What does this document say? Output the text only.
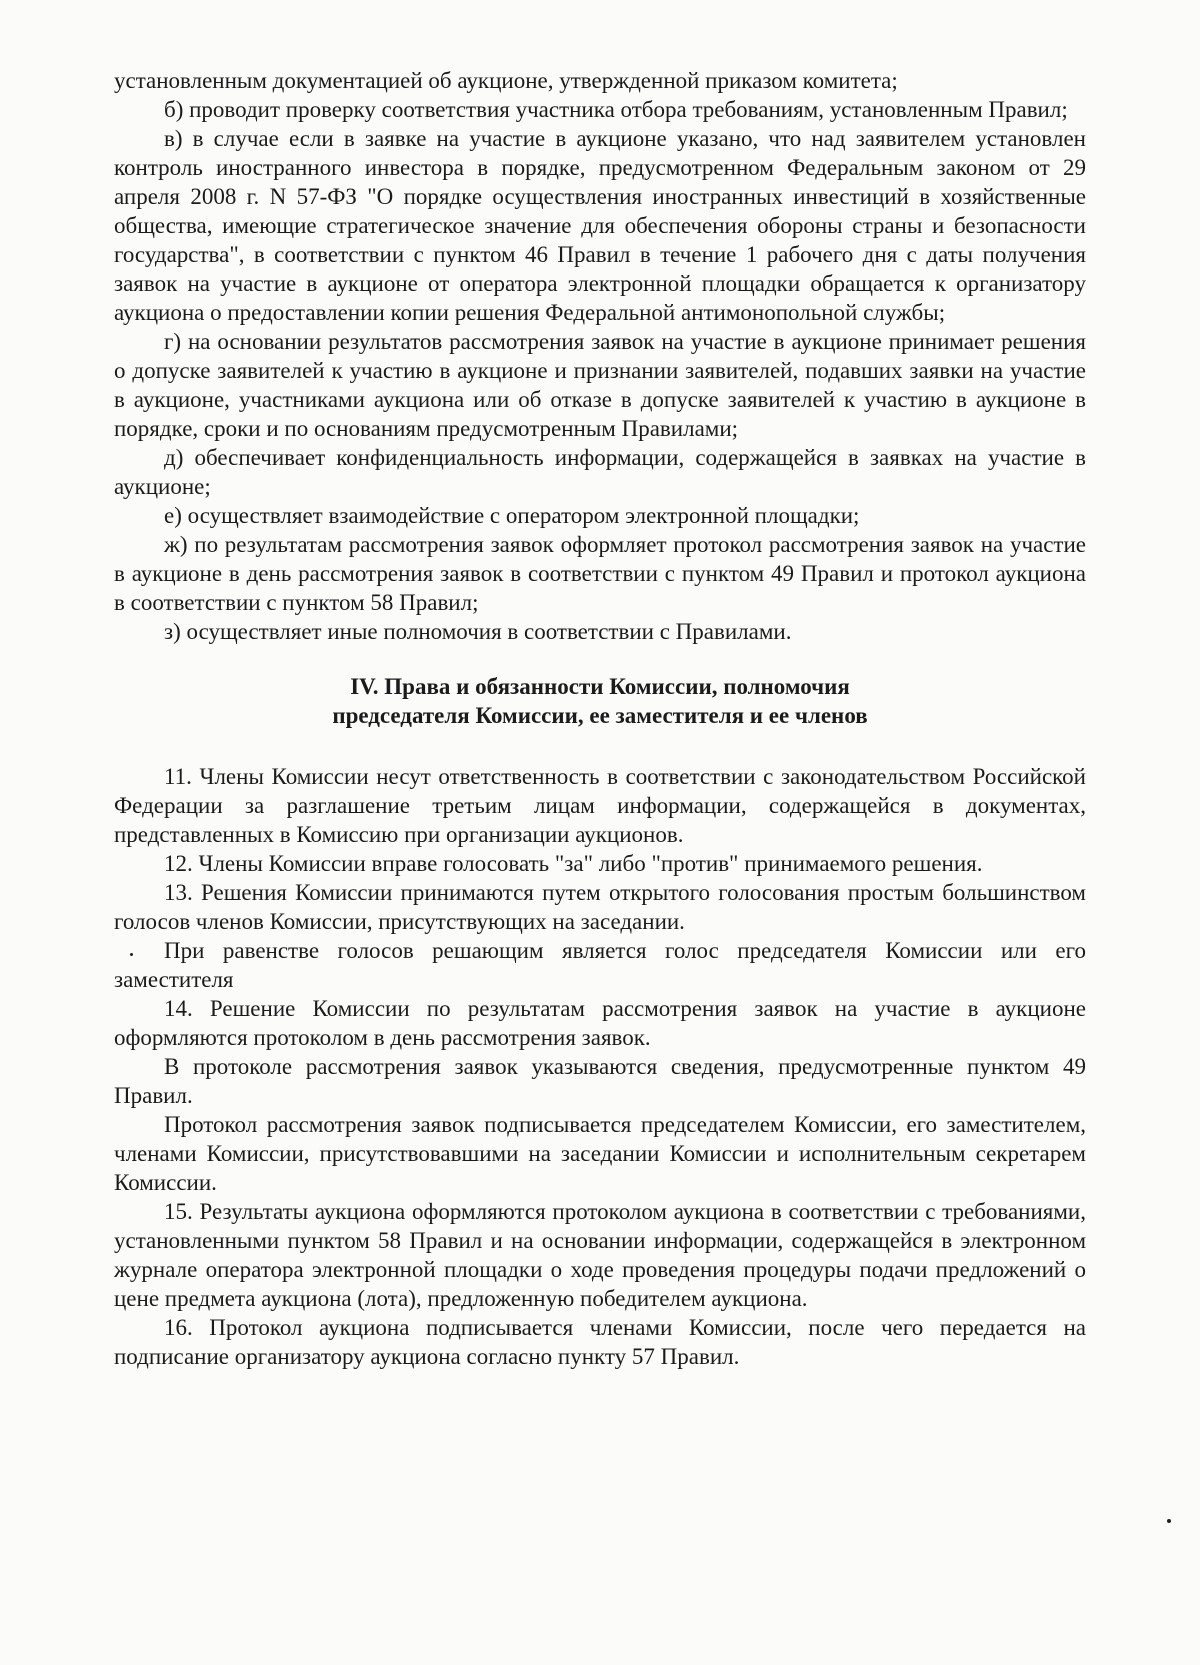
установленным документацией об аукционе, утвержденной приказом комитета;

б) проводит проверку соответствия участника отбора требованиям, установленным Правил;

в) в случае если в заявке на участие в аукционе указано, что над заявителем установлен контроль иностранного инвестора в порядке, предусмотренном Федеральным законом от 29 апреля 2008 г. N 57-ФЗ "О порядке осуществления иностранных инвестиций в хозяйственные общества, имеющие стратегическое значение для обеспечения обороны страны и безопасности государства", в соответствии с пунктом 46 Правил в течение 1 рабочего дня с даты получения заявок на участие в аукционе от оператора электронной площадки обращается к организатору аукциона о предоставлении копии решения Федеральной антимонопольной службы;

г) на основании результатов рассмотрения заявок на участие в аукционе принимает решения о допуске заявителей к участию в аукционе и признании заявителей, подавших заявки на участие в аукционе, участниками аукциона или об отказе в допуске заявителей к участию в аукционе в порядке, сроки и по основаниям предусмотренным Правилами;

д) обеспечивает конфиденциальность информации, содержащейся в заявках на участие в аукционе;

е) осуществляет взаимодействие с оператором электронной площадки;

ж) по результатам рассмотрения заявок оформляет протокол рассмотрения заявок на участие в аукционе в день рассмотрения заявок в соответствии с пунктом 49 Правил и протокол аукциона в соответствии с пунктом 58 Правил;

з) осуществляет иные полномочия в соответствии с Правилами.

IV. Права и обязанности Комиссии, полномочия
председателя Комиссии, ее заместителя и ее членов

11. Члены Комиссии несут ответственность в соответствии с законодательством Российской Федерации за разглашение третьим лицам информации, содержащейся в документах, представленных в Комиссию при организации аукционов.

12. Члены Комиссии вправе голосовать "за" либо "против" принимаемого решения.

13. Решения Комиссии принимаются путем открытого голосования простым большинством голосов членов Комиссии, присутствующих на заседании.

При равенстве голосов решающим является голос председателя Комиссии или его заместителя

14. Решение Комиссии по результатам рассмотрения заявок на участие в аукционе оформляются протоколом в день рассмотрения заявок.

В протоколе рассмотрения заявок указываются сведения, предусмотренные пунктом 49 Правил.

Протокол рассмотрения заявок подписывается председателем Комиссии, его заместителем, членами Комиссии, присутствовавшими на заседании Комиссии и исполнительным секретарем Комиссии.

15. Результаты аукциона оформляются протоколом аукциона в соответствии с требованиями, установленными пунктом 58 Правил и на основании информации, содержащейся в электронном журнале оператора электронной площадки о ходе проведения процедуры подачи предложений о цене предмета аукциона (лота), предложенную победителем аукциона.

16. Протокол аукциона подписывается членами Комиссии, после чего передается на подписание организатору аукциона согласно пункту 57 Правил.
